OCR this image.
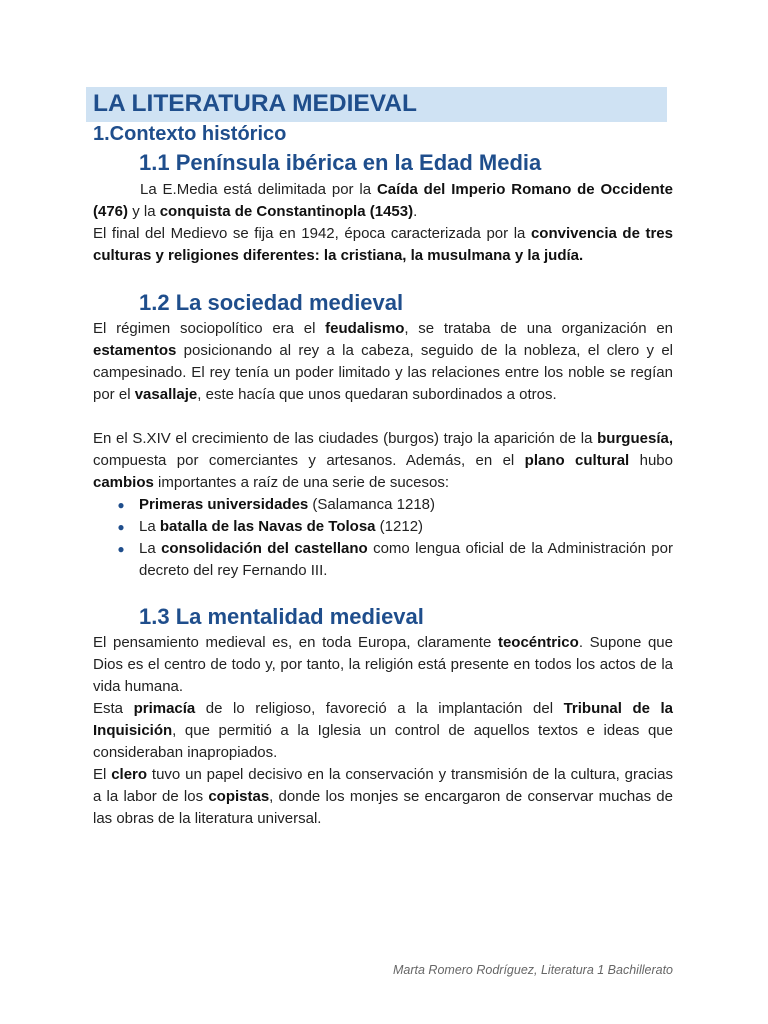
LA LITERATURA MEDIEVAL
1.Contexto histórico
1.1 Península ibérica en la Edad Media

La E.Media está delimitada por la Caída del Imperio Romano de Occidente (476) y la conquista de Constantinopla (1453).

El final del Medievo se fija en 1942, época caracterizada por la convivencia de tres culturas y religiones diferentes: la cristiana, la musulmana y la judía.

1.2 La sociedad medieval

El régimen sociopolítico era el feudalismo, se trataba de una organización en estamentos posicionando al rey a la cabeza, seguido de la nobleza, el clero y el campesinado. El rey tenía un poder limitado y las relaciones entre los noble se regían por el vasallaje, este hacía que unos quedaran subordinados a otros.

En el S.XIV el crecimiento de las ciudades (burgos) trajo la aparición de la burguesía, compuesta por comerciantes y artesanos. Además, en el plano cultural hubo cambios importantes a raíz de una serie de sucesos:

● Primeras universidades (Salamanca 1218)
● La batalla de las Navas de Tolosa (1212)
● La consolidación del castellano como lengua oficial de la Administración por decreto del rey Fernando III.
1.3 La mentalidad medieval

El pensamiento medieval es, en toda Europa, claramente teocéntrico. Supone que Dios es el centro de todo y, por tanto, la religión está presente en todos los actos de la vida humana.

Esta primacía de lo religioso, favoreció a la implantación del Tribunal de la Inquisición, que permitió a la Iglesia un control de aquellos textos e ideas que consideraban inapropiados.

El clero tuvo un papel decisivo en la conservación y transmisión de la cultura, gracias a la labor de los copistas, donde los monjes se encargaron de conservar muchas de las obras de la literatura universal.

Marta Romero Rodríguez, Literatura 1 Bachillerato
